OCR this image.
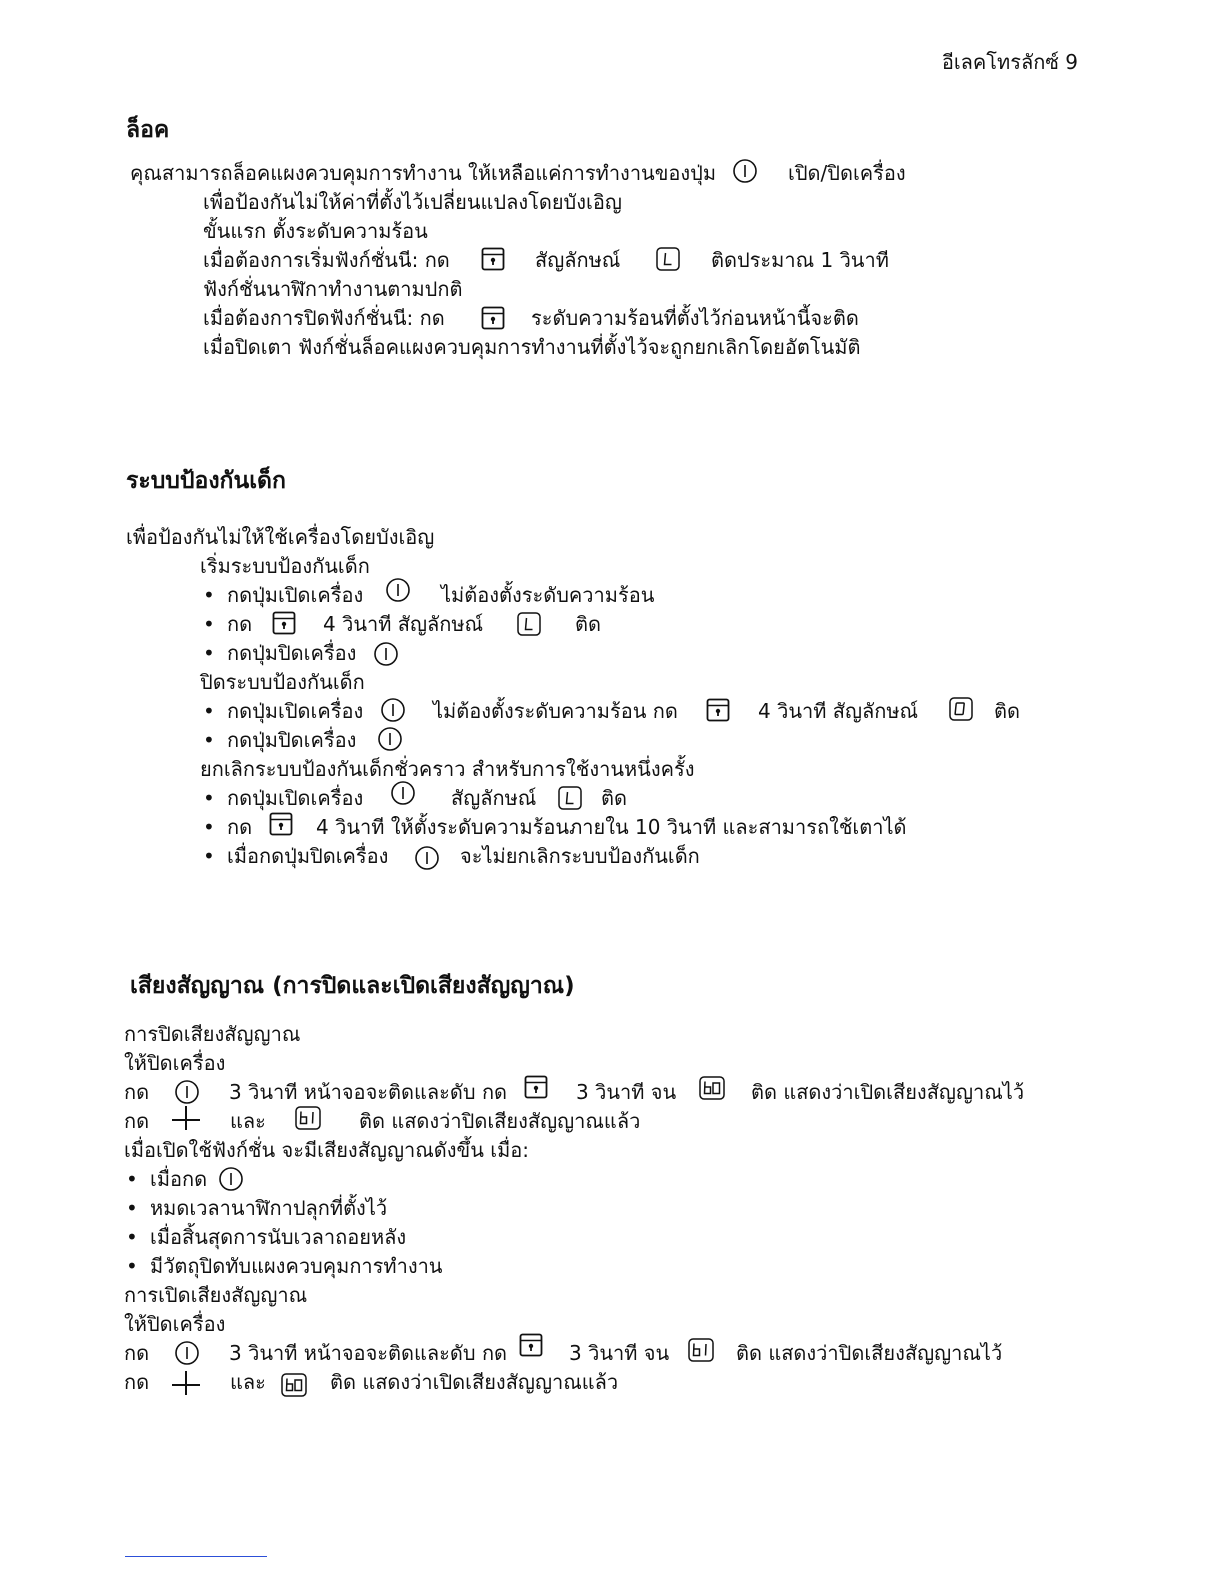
อีเลคโทรลักซ์ 9
ล็อค
คุณสามารถล็อคแผงควบคุมการทำงาน ให้เหลือแค่การทำงานของปุ่ม	เปิด/ปิดเครื่อง
เพื่อป้องกันไม่ให้ค่าที่ตั้งไว้เปลี่ยนแปลงโดยบังเอิญ
ขั้นแรก ตั้งระดับความร้อน
เมื่อต้องการเริ่มฟังก์ชั่นนี: กด	สัญลักษณ์	ติดประมาณ 1 วินาที
ฟังก์ชั่นนาฬิกาทำงานตามปกติ
เมื่อต้องการปิดฟังก์ชั่นนี: กด	ระดับความร้อนที่ตั้งไว้ก่อนหน้านี้จะติด
เมื่อปิดเตา ฟังก์ชั่นล็อคแผงควบคุมการทำงานที่ตั้งไว้จะถูกยกเลิกโดยอัตโนมัติ
ระบบป้องกันเด็ก
เพื่อป้องกันไม่ให้ใช้เครื่องโดยบังเอิญ
เริ่มระบบป้องกันเด็ก
กดปุ่มเปิดเครื่อง	ไม่ต้องตั้งระดับความร้อน
กด	4 วินาที สัญลักษณ์	ติด
กดปุ่มปิดเครื่อง
ปิดระบบป้องกันเด็ก
กดปุ่มเปิดเครื่อง	ไม่ต้องตั้งระดับความร้อน กด	4 วินาที สัญลักษณ์	ติด
กดปุ่มปิดเครื่อง
ยกเลิกระบบป้องกันเด็กชั่วคราว สำหรับการใช้งานหนึ่งครั้ง
กดปุ่มเปิดเครื่อง	สัญลักษณ์	ติด
กด	4 วินาที ให้ตั้งระดับความร้อนภายใน 10 วินาที และสามารถใช้เตาได้
เมื่อกดปุ่มปิดเครื่อง	จะไม่ยกเลิกระบบป้องกันเด็ก
เสียงสัญญาณ (การปิดและเปิดเสียงสัญญาณ)
การปิดเสียงสัญญาณ
ให้ปิดเครื่อง
กด	3 วินาที หน้าจอจะติดและดับ กด	3 วินาที จน	ติด แสดงว่าเปิดเสียงสัญญาณไว้
กด	และ	ติด แสดงว่าปิดเสียงสัญญาณแล้ว
เมื่อเปิดใช้ฟังก์ชั่น จะมีเสียงสัญญาณดังขึ้น เมื่อ:
เมื่อกด
• หมดเวลานาฬิกาปลุกที่ตั้งไว้
• เมื่อสิ้นสุดการนับเวลาถอยหลัง
• มีวัตถุปิดทับแผงควบคุมการทำงาน
การเปิดเสียงสัญญาณ
ให้ปิดเครื่อง
กด	3 วินาที หน้าจอจะติดและดับ กด	3 วินาที จน	ติด แสดงว่าปิดเสียงสัญญาณไว้
กด	และ	ติด แสดงว่าเปิดเสียงสัญญาณแล้ว
